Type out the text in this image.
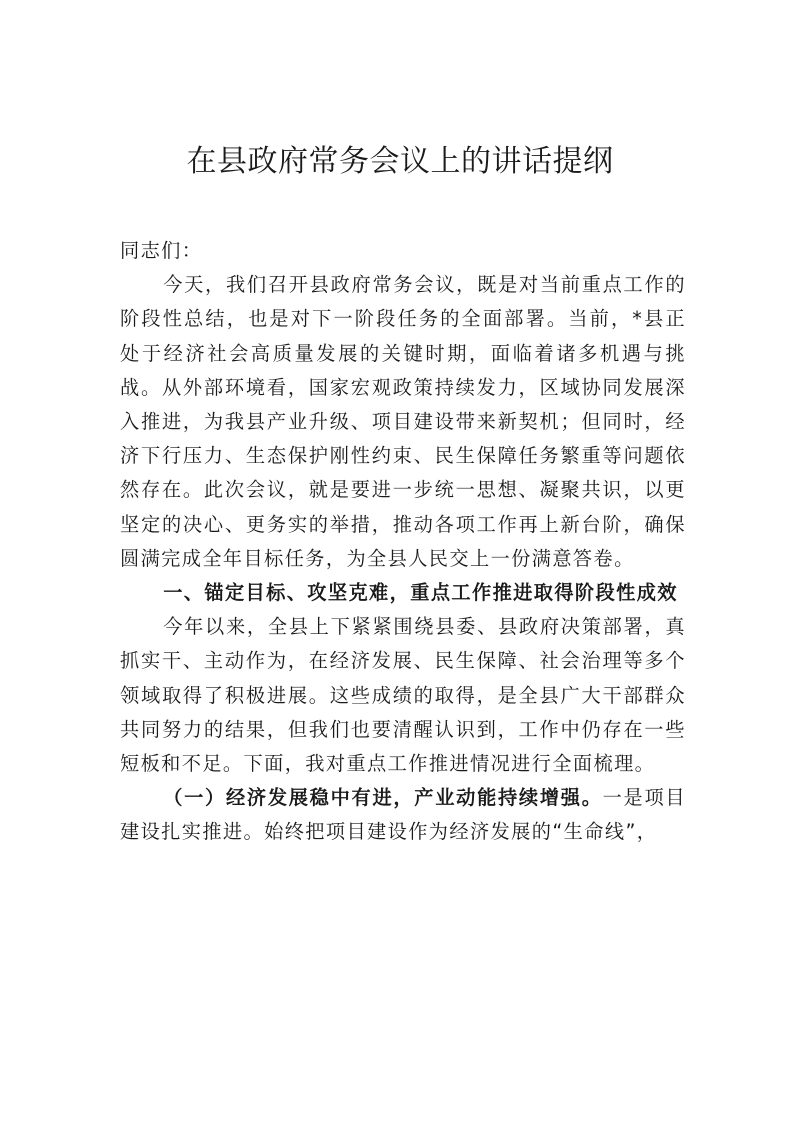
在县政府常务会议上的讲话提纲

同志们：

今天，我们召开县政府常务会议，既是对当前重点工作的阶段性总结，也是对下一阶段任务的全面部署。当前，*县正处于经济社会高质量发展的关键时期，面临着诸多机遇与挑战。从外部环境看，国家宏观政策持续发力，区域协同发展深入推进，为我县产业升级、项目建设带来新契机；但同时，经济下行压力、生态保护刚性约束、民生保障任务繁重等问题依然存在。此次会议，就是要进一步统一思想、凝聚共识，以更坚定的决心、更务实的举措，推动各项工作再上新台阶，确保圆满完成全年目标任务，为全县人民交上一份满意答卷。

一、锚定目标、攻坚克难，重点工作推进取得阶段性成效

今年以来，全县上下紧紧围绕县委、县政府决策部署，真抓实干、主动作为，在经济发展、民生保障、社会治理等多个领域取得了积极进展。这些成绩的取得，是全县广大干部群众共同努力的结果，但我们也要清醒认识到，工作中仍存在一些短板和不足。下面，我对重点工作推进情况进行全面梳理。

（一）经济发展稳中有进，产业动能持续增强。一是项目建设扎实推进。始终把项目建设作为经济发展的“生命线”，
